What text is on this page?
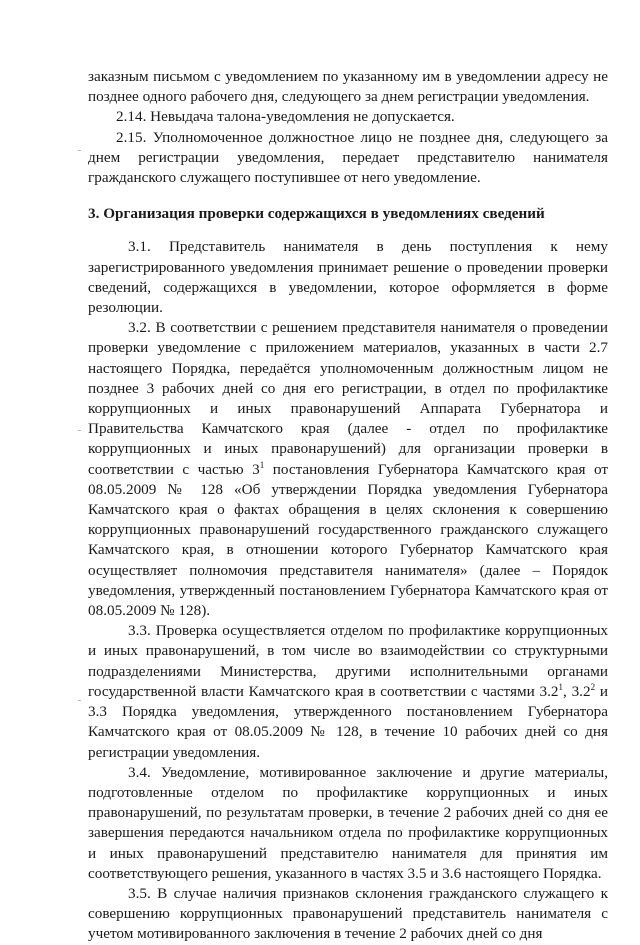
заказным письмом с уведомлением по указанному им в уведомлении адресу не позднее одного рабочего дня, следующего за днем регистрации уведомления.

2.14. Невыдача талона-уведомления не допускается.

2.15. Уполномоченное должностное лицо не позднее дня, следующего за днем регистрации уведомления, передает представителю нанимателя гражданского служащего поступившее от него уведомление.

3. Организация проверки содержащихся в уведомлениях сведений

3.1. Представитель нанимателя в день поступления к нему зарегистрированного уведомления принимает решение о проведении проверки сведений, содержащихся в уведомлении, которое оформляется в форме резолюции.

3.2. В соответствии с решением представителя нанимателя о проведении проверки уведомление с приложением материалов, указанных в части 2.7 настоящего Порядка, передаётся уполномоченным должностным лицом не позднее 3 рабочих дней со дня его регистрации, в отдел по профилактике коррупционных и иных правонарушений Аппарата Губернатора и Правительства Камчатского края (далее - отдел по профилактике коррупционных и иных правонарушений) для организации проверки в соответствии с частью $3^1$ постановления Губернатора Камчатского края от 08.05.2009 № 128 «Об утверждении Порядка уведомления Губернатора Камчатского края о фактах обращения в целях склонения к совершению коррупционных правонарушений государственного гражданского служащего Камчатского края, в отношении которого Губернатор Камчатского края осуществляет полномочия представителя нанимателя» (далее – Порядок уведомления, утвержденный постановлением Губернатора Камчатского края от 08.05.2009 № 128).

3.3. Проверка осуществляется отделом по профилактике коррупционных и иных правонарушений, в том числе во взаимодействии со структурными подразделениями Министерства, другими исполнительными органами государственной власти Камчатского края в соответствии с частями $3.2^1$, $3.2^2$ и 3.3 Порядка уведомления, утвержденного постановлением Губернатора Камчатского края от 08.05.2009 № 128, в течение 10 рабочих дней со дня регистрации уведомления.

3.4. Уведомление, мотивированное заключение и другие материалы, подготовленные отделом по профилактике коррупционных и иных правонарушений, по результатам проверки, в течение 2 рабочих дней со дня ее завершения передаются начальником отдела по профилактике коррупционных и иных правонарушений представителю нанимателя для принятия им соответствующего решения, указанного в частях 3.5 и 3.6 настоящего Порядка.

3.5. В случае наличия признаков склонения гражданского служащего к совершению коррупционных правонарушений представитель нанимателя с учетом мотивированного заключения в течение 2 рабочих дней со дня
